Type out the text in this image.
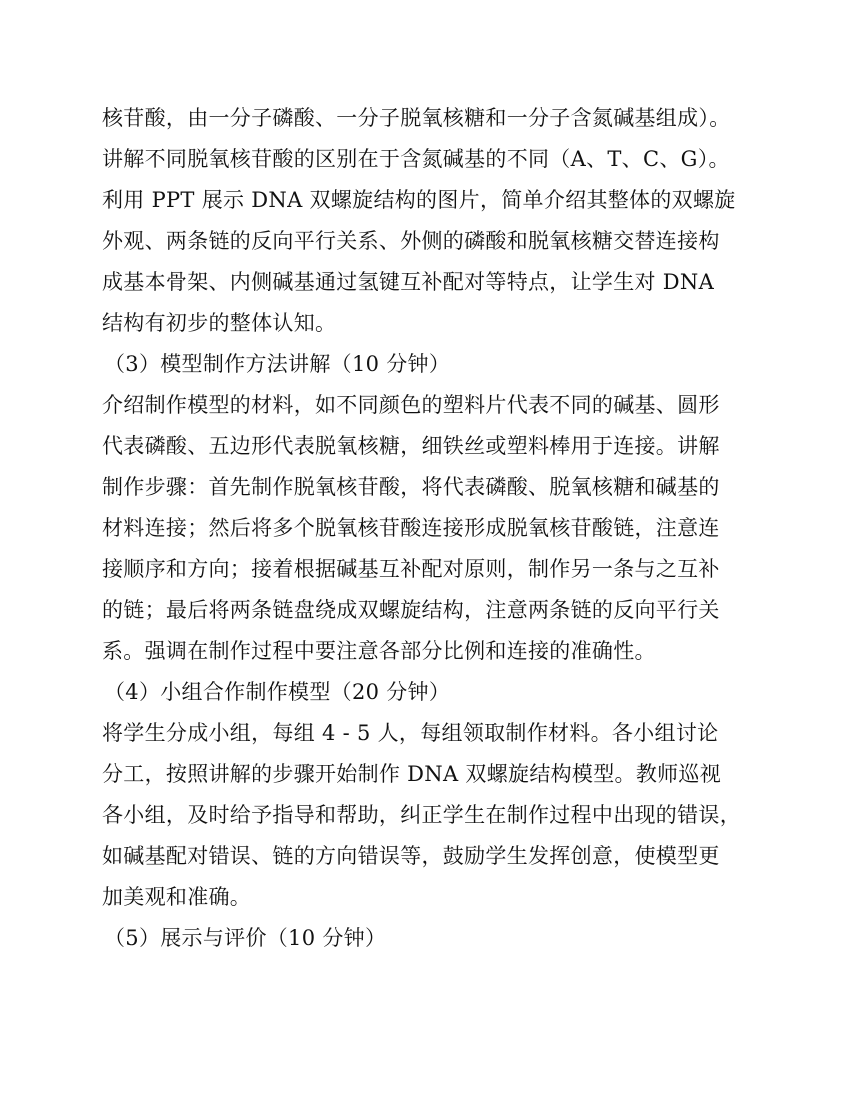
核苷酸，由一分子磷酸、一分子脱氧核糖和一分子含氮碱基组成）。
讲解不同脱氧核苷酸的区别在于含氮碱基的不同（A、T、C、G）。
利用 PPT 展示 DNA 双螺旋结构的图片，简单介绍其整体的双螺旋
外观、两条链的反向平行关系、外侧的磷酸和脱氧核糖交替连接构
成基本骨架、内侧碱基通过氢键互补配对等特点，让学生对 DNA
结构有初步的整体认知。
（3）模型制作方法讲解（10 分钟）
介绍制作模型的材料，如不同颜色的塑料片代表不同的碱基、圆形
代表磷酸、五边形代表脱氧核糖，细铁丝或塑料棒用于连接。讲解
制作步骤：首先制作脱氧核苷酸，将代表磷酸、脱氧核糖和碱基的
材料连接；然后将多个脱氧核苷酸连接形成脱氧核苷酸链，注意连
接顺序和方向；接着根据碱基互补配对原则，制作另一条与之互补
的链；最后将两条链盘绕成双螺旋结构，注意两条链的反向平行关
系。强调在制作过程中要注意各部分比例和连接的准确性。
（4）小组合作制作模型（20 分钟）
将学生分成小组，每组 4 - 5 人，每组领取制作材料。各小组讨论
分工，按照讲解的步骤开始制作 DNA 双螺旋结构模型。教师巡视
各小组，及时给予指导和帮助，纠正学生在制作过程中出现的错误，
如碱基配对错误、链的方向错误等，鼓励学生发挥创意，使模型更
加美观和准确。
（5）展示与评价（10 分钟）
